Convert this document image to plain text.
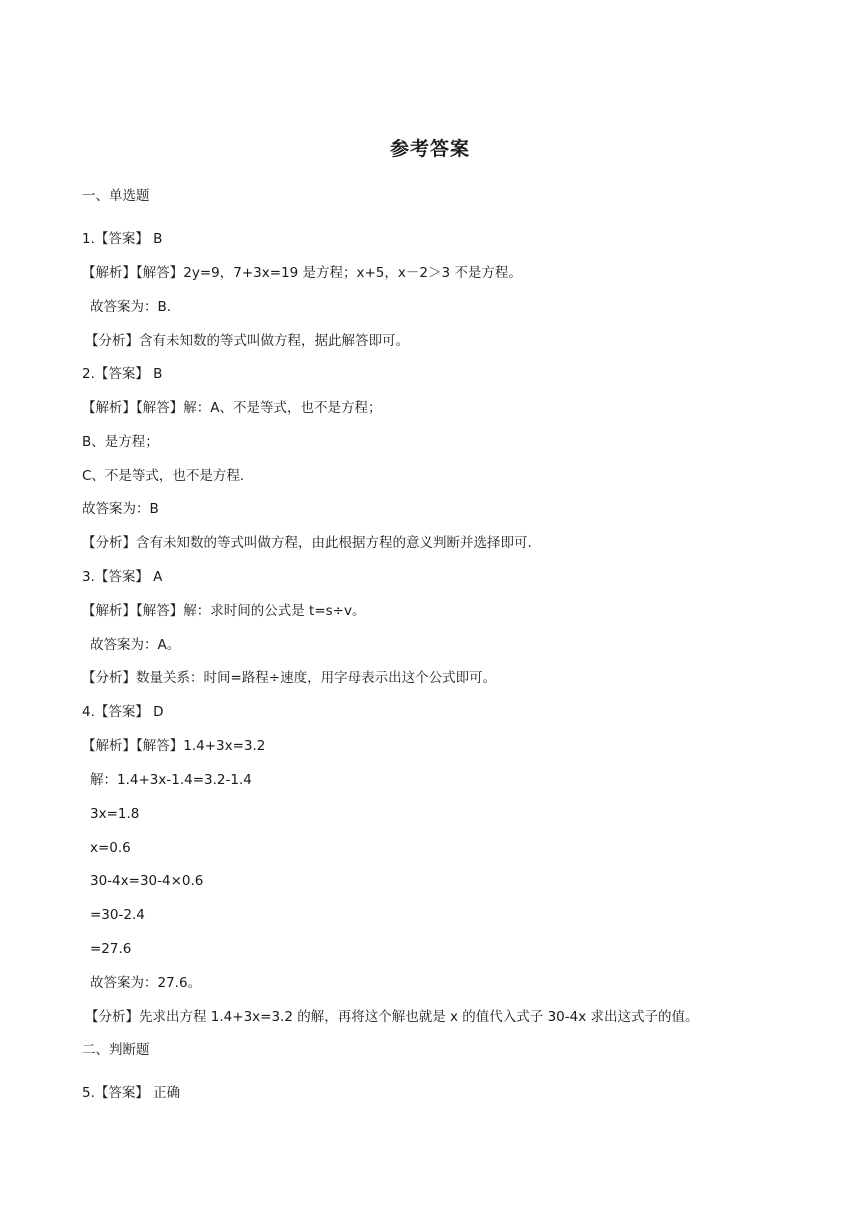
参考答案
一、单选题
1.【答案】 B
【解析】【解答】2y=9，7+3x=19 是方程；x+5，x－2＞3 不是方程。
故答案为：B.
【分析】含有未知数的等式叫做方程，据此解答即可。
2.【答案】 B
【解析】【解答】解：A、不是等式，也不是方程；
B、是方程；
C、不是等式，也不是方程.
故答案为：B
【分析】含有未知数的等式叫做方程，由此根据方程的意义判断并选择即可.
3.【答案】 A
【解析】【解答】解：求时间的公式是 t=s÷v。
故答案为：A。
【分析】数量关系：时间=路程÷速度，用字母表示出这个公式即可。
4.【答案】 D
【解析】【解答】1.4+3x=3.2
解：1.4+3x-1.4=3.2-1.4
3x=1.8
x=0.6
30-4x=30-4×0.6
=30-2.4
=27.6
故答案为：27.6。
【分析】先求出方程 1.4+3x=3.2 的解，再将这个解也就是 x 的值代入式子 30-4x 求出这式子的值。
二、判断题
5.【答案】 正确
